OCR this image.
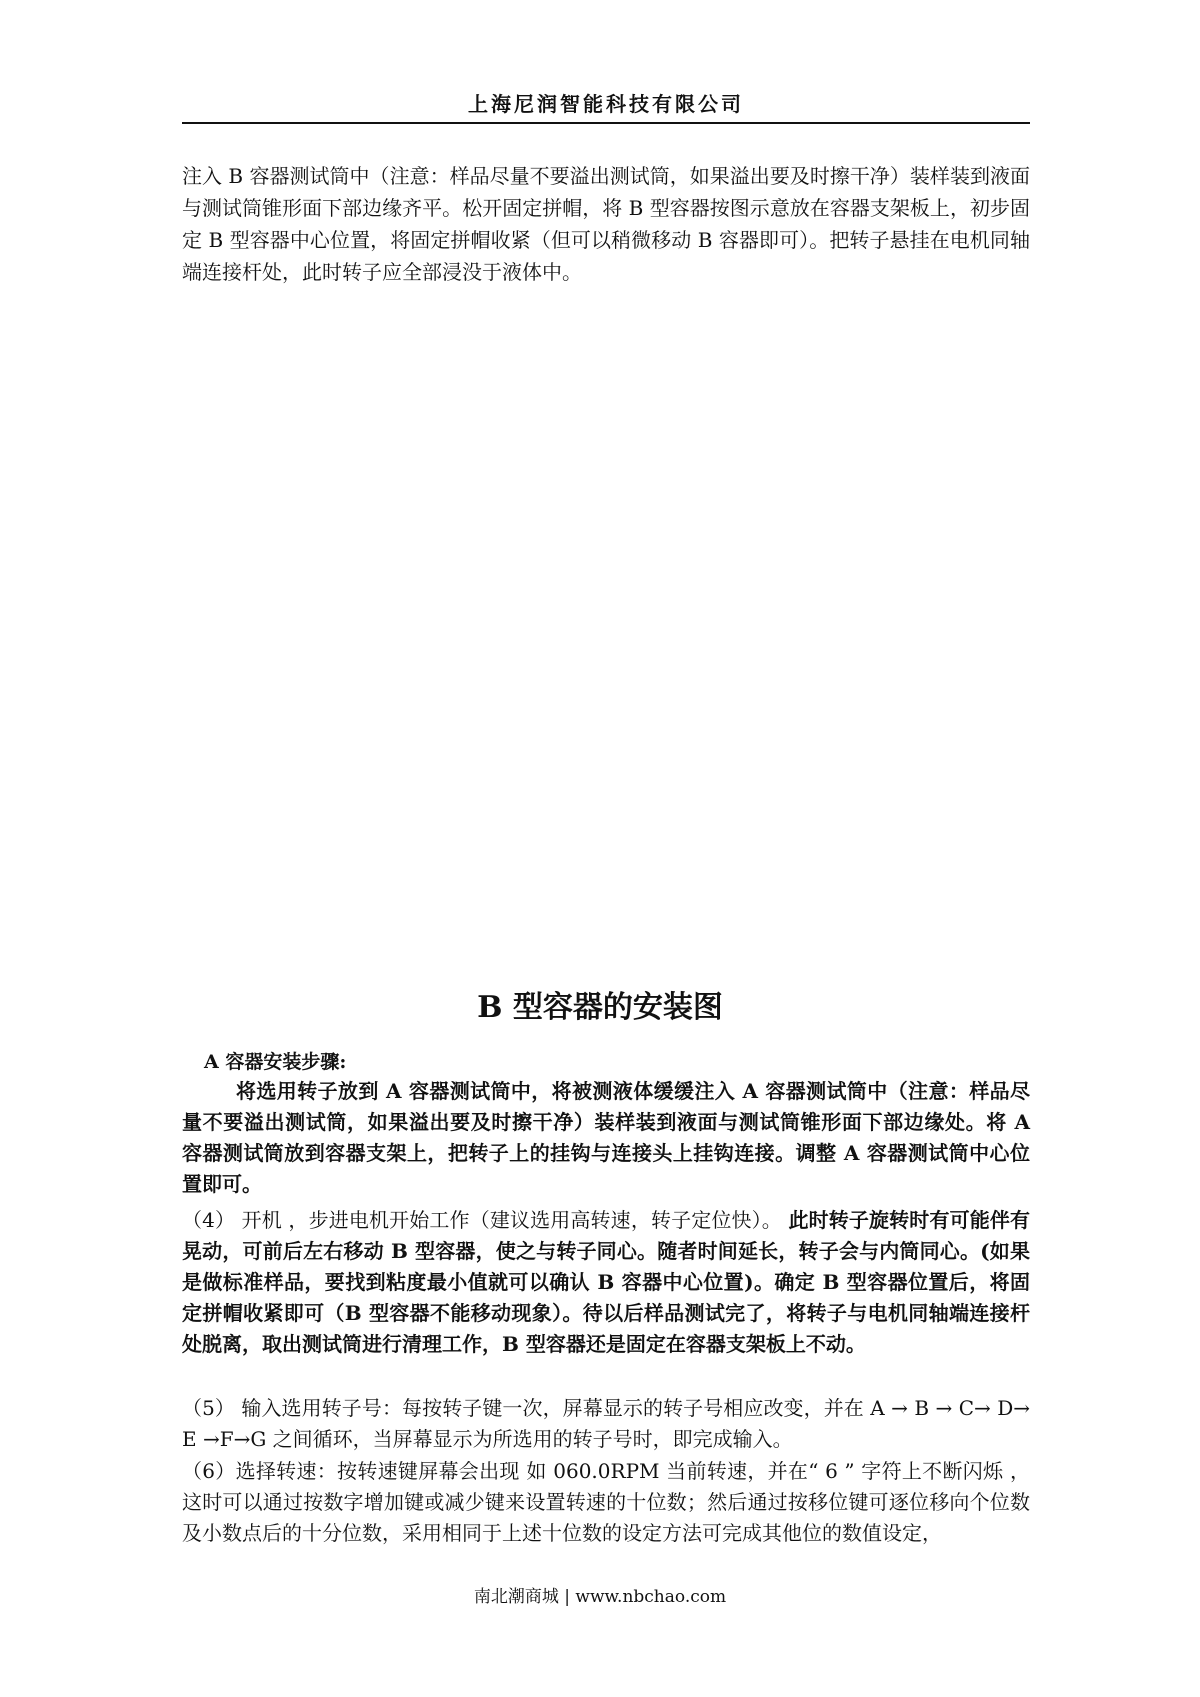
上海尼润智能科技有限公司

注入 B 容器测试筒中（注意：样品尽量不要溢出测试筒，如果溢出要及时擦干净）装样装到液面与测试筒锥形面下部边缘齐平。松开固定拼帽，将 B 型容器按图示意放在容器支架板上，初步固定 B 型容器中心位置，将固定拼帽收紧（但可以稍微移动 B 容器即可）。把转子悬挂在电机同轴端连接杆处，此时转子应全部浸没于液体中。

B 型容器的安装图
A 容器安装步骤:

将选用转子放到 A 容器测试筒中，将被测液体缓缓注入 A 容器测试筒中（注意：样品尽量不要溢出测试筒，如果溢出要及时擦干净）装样装到液面与测试筒锥形面下部边缘处。将 A 容器测试筒放到容器支架上，把转子上的挂钩与连接头上挂钩连接。调整 A 容器测试筒中心位置即可。

（4） 开机 ，步进电机开始工作（建议选用高转速，转子定位快）。 此时转子旋转时有可能伴有晃动，可前后左右移动 B 型容器，使之与转子同心。随者时间延长，转子会与内筒同心。(如果是做标准样品，要找到粘度最小值就可以确认 B 容器中心位置)。确定 B 型容器位置后，将固定拼帽收紧即可（B 型容器不能移动现象）。待以后样品测试完了，将转子与电机同轴端连接杆处脱离，取出测试筒进行清理工作，B 型容器还是固定在容器支架板上不动。

（5） 输入选用转子号：每按转子键一次，屏幕显示的转子号相应改变，并在 A → B → C→ D→ E →F→G 之间循环，当屏幕显示为所选用的转子号时，即完成输入。

（6）选择转速：按转速键屏幕会出现 如 060.0RPM 当前转速，并在“ 6 ” 字符上不断闪烁 ，这时可以通过按数字增加键或减少键来设置转速的十位数；然后通过按移位键可逐位移向个位数及小数点后的十分位数，采用相同于上述十位数的设定方法可完成其他位的数值设定，

南北潮商城 | www.nbchao.com
